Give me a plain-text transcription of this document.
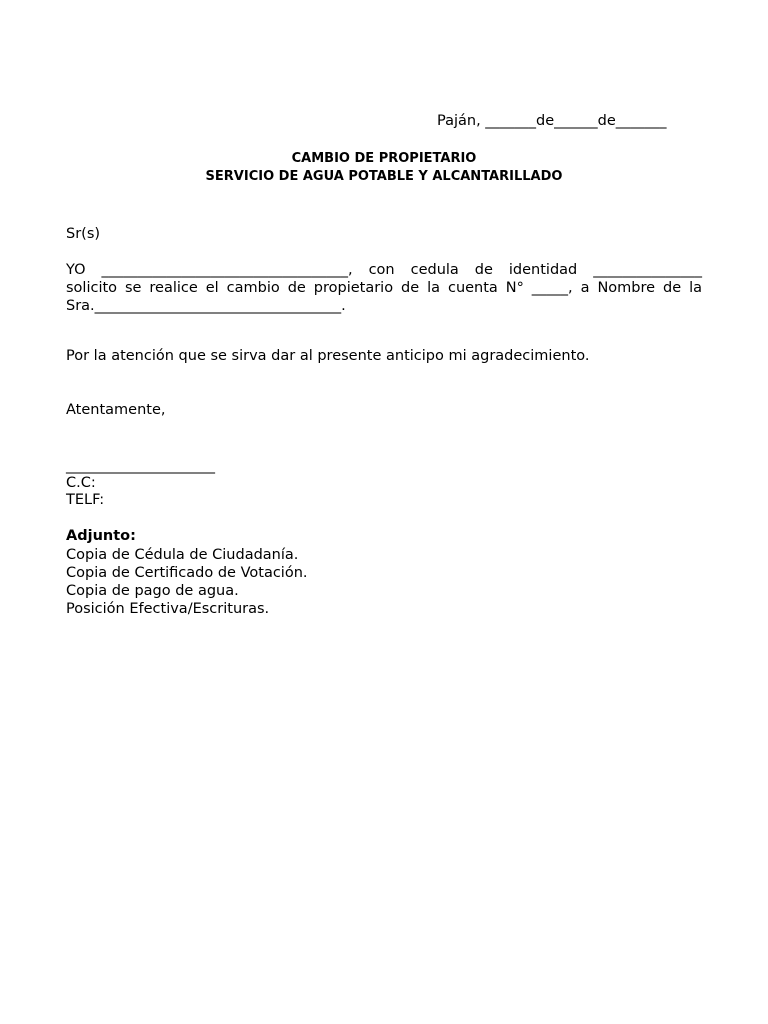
Paján, _______de______de_______
CAMBIO DE PROPIETARIO
SERVICIO DE AGUA POTABLE Y ALCANTARILLADO
Sr(s)
YO __________________________________, con cedula de identidad _______________
solicito se realice el cambio de propietario de la cuenta N° _____, a Nombre de la
Sra.__________________________________.
Por la atención que se sirva dar al presente anticipo mi agradecimiento.
Atentamente,
______________________
C.C:
TELF:
Adjunto:
Copia de Cédula de Ciudadanía.
Copia de Certificado de Votación.
Copia de pago de agua.
Posición Efectiva/Escrituras.
